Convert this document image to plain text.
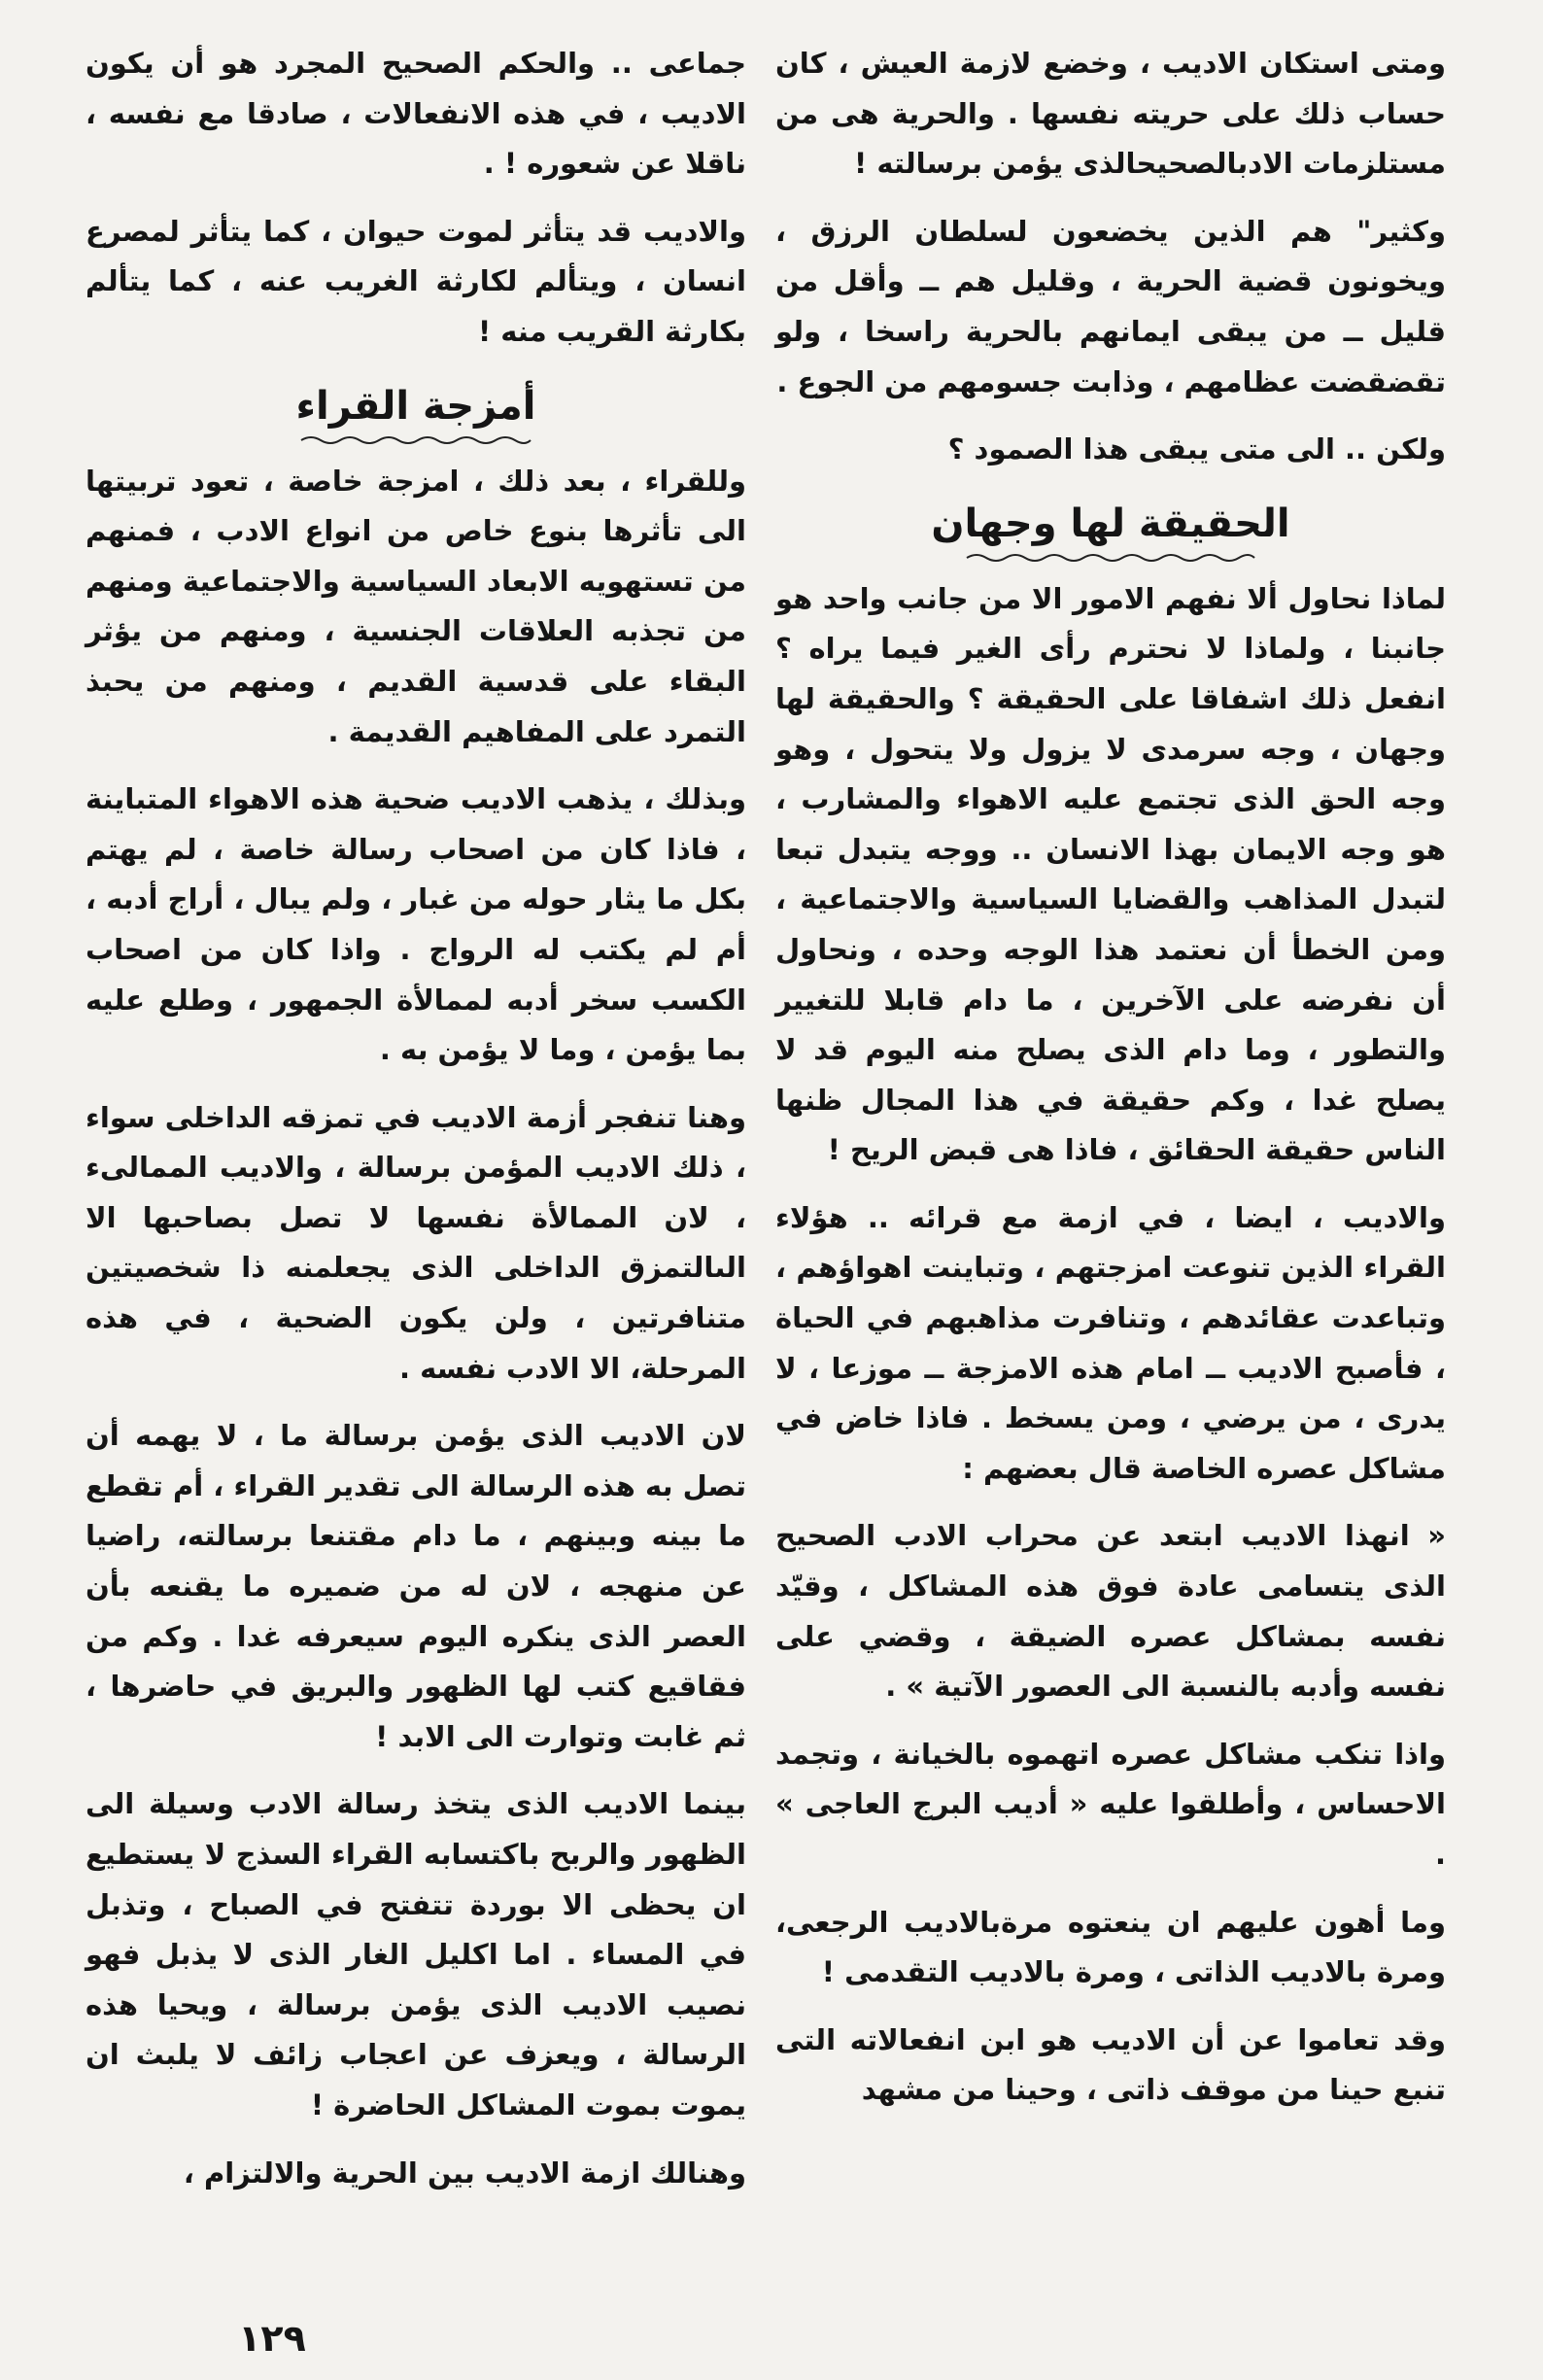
ومتى استكان الاديب ، وخضع لازمة العيش ، كان حساب ذلك على حريته نفسها . والحرية هى من مستلزمات الادبالصحيحالذى يؤمن برسالته !

وكثير" هم الذين يخضعون لسلطان الرزق ، ويخونون قضية الحرية ، وقليل هم ــ وأقل من قليل ــ من يبقى ايمانهم بالحرية راسخا ، ولو تقضقضت عظامهم ، وذابت جسومهم من الجوع .

ولكن .. الى متى يبقى هذا الصمود ؟

الحقيقة لها وجهان

لماذا نحاول ألا نفهم الامور الا من جانب واحد هو جانبنا ، ولماذا لا نحترم رأى الغير فيما يراه ؟ انفعل ذلك اشفاقا على الحقيقة ؟ والحقيقة لها وجهان ، وجه سرمدى لا يزول ولا يتحول ، وهو وجه الحق الذى تجتمع عليه الاهواء والمشارب ، هو وجه الايمان بهذا الانسان .. ووجه يتبدل تبعا لتبدل المذاهب والقضايا السياسية والاجتماعية ، ومن الخطأ أن نعتمد هذا الوجه وحده ، ونحاول أن نفرضه على الآخرين ، ما دام قابلا للتغيير والتطور ، وما دام الذى يصلح منه اليوم قد لا يصلح غدا ، وكم حقيقة في هذا المجال ظنها الناس حقيقة الحقائق ، فاذا هى قبض الريح !

والاديب ، ايضا ، في ازمة مع قرائه .. هؤلاء القراء الذين تنوعت امزجتهم ، وتباينت اهواؤهم ، وتباعدت عقائدهم ، وتنافرت مذاهبهم في الحياة ، فأصبح الاديب ــ امام هذه الامزجة ــ موزعا ، لا يدرى ، من يرضي ، ومن يسخط . فاذا خاض في مشاكل عصره الخاصة قال بعضهم :

« انهذا الاديب ابتعد عن محراب الادب الصحيح الذى يتسامى عادة فوق هذه المشاكل ، وقيّد نفسه بمشاكل عصره الضيقة ، وقضي على نفسه وأدبه بالنسبة الى العصور الآتية » .

واذا تنكب مشاكل عصره اتهموه بالخيانة ، وتجمد الاحساس ، وأطلقوا عليه « أديب البرج العاجى » .

وما أهون عليهم ان ينعتوه مرةبالاديب الرجعى، ومرة بالاديب الذاتى ، ومرة بالاديب التقدمى !

وقد تعاموا عن أن الاديب هو ابن انفعالاته التى تنبع حينا من موقف ذاتى ، وحينا من مشهد

جماعى .. والحكم الصحيح المجرد هو أن يكون الاديب ، في هذه الانفعالات ، صادقا مع نفسه ، ناقلا عن شعوره ! .

والاديب قد يتأثر لموت حيوان ، كما يتأثر لمصرع انسان ، ويتألم لكارثة الغريب عنه ، كما يتألم بكارثة القريب منه !

أمزجة القراء

وللقراء ، بعد ذلك ، امزجة خاصة ، تعود تربيتها الى تأثرها بنوع خاص من انواع الادب ، فمنهم من تستهويه الابعاد السياسية والاجتماعية ومنهم من تجذبه العلاقات الجنسية ، ومنهم من يؤثر البقاء على قدسية القديم ، ومنهم من يحبذ التمرد على المفاهيم القديمة .

وبذلك ، يذهب الاديب ضحية هذه الاهواء المتباينة ، فاذا كان من اصحاب رسالة خاصة ، لم يهتم بكل ما يثار حوله من غبار ، ولم يبال ، أراج أدبه ، أم لم يكتب له الرواج . واذا كان من اصحاب الكسب سخر أدبه لممالأة الجمهور ، وطلع عليه بما يؤمن ، وما لا يؤمن به .

وهنا تنفجر أزمة الاديب في تمزقه الداخلى سواء ، ذلك الاديب المؤمن برسالة ، والاديب الممالىء ، لان الممالأة نفسها لا تصل بصاحبها الا الىالتمزق الداخلى الذى يجعلمنه ذا شخصيتين متنافرتين ، ولن يكون الضحية ، في هذه المرحلة، الا الادب نفسه .

لان الاديب الذى يؤمن برسالة ما ، لا يهمه أن تصل به هذه الرسالة الى تقدير القراء ، أم تقطع ما بينه وبينهم ، ما دام مقتنعا برسالته، راضيا عن منهجه ، لان له من ضميره ما يقنعه بأن العصر الذى ينكره اليوم سيعرفه غدا . وكم من فقاقيع كتب لها الظهور والبريق في حاضرها ، ثم غابت وتوارت الى الابد !

بينما الاديب الذى يتخذ رسالة الادب وسيلة الى الظهور والربح باكتسابه القراء السذج لا يستطيع ان يحظى الا بوردة تتفتح في الصباح ، وتذبل في المساء . اما اكليل الغار الذى لا يذبل فهو نصيب الاديب الذى يؤمن برسالة ، ويحيا هذه الرسالة ، ويعزف عن اعجاب زائف لا يلبث ان يموت بموت المشاكل الحاضرة !

وهنالك ازمة الاديب بين الحرية والالتزام ،

١٢٩
